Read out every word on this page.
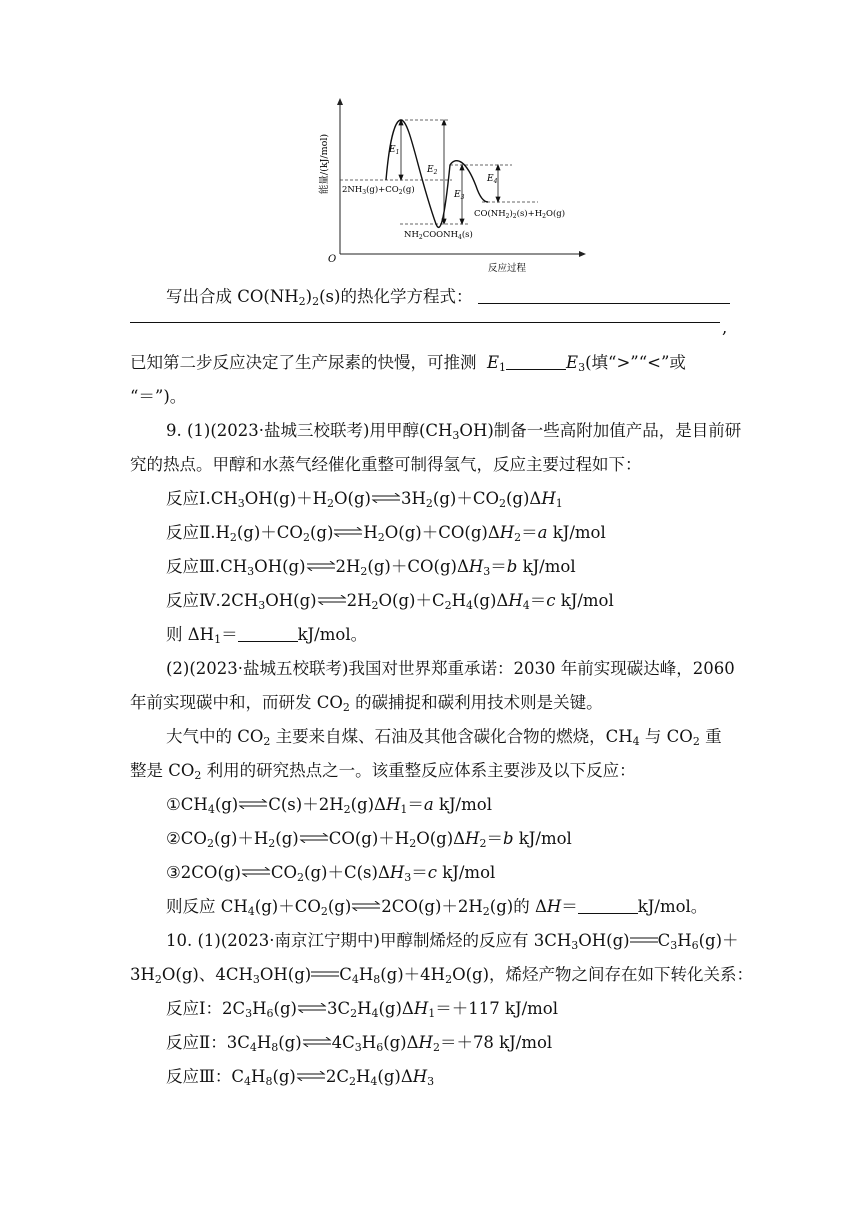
O
能量/(kJ/mol)
反应过程
$E_1$
$E_2$
$E_3$
$E_4$
$2NH_3(g)+CO_2(g)$
$NH_2COONH_4(s)$
$CO(NH_2)_2(s)+H_2O(g)$
写出合成 $CO(NH_2)_2(s)$的热化学方程式：
,
已知第二步反应决定了生产尿素的快慢，可推测 $E_1$	$E_3$(填“>”“<”或
“＝”)。
9. (1)(2023·盐城三校联考)用甲醇$(CH_3OH)$制备一些高附加值产品，是目前研
究的热点。甲醇和水蒸气经催化重整可制得氢气，反应主要过程如下：
反应$Ⅰ.CH_3OH(g)+H_2O(g)$ $3H_2(g)+CO_2(g)\Delta H_1$
反应$Ⅱ.H_2(g)+CO_2(g)$ $H_2O(g)+CO(g)\Delta H_2=a$ kJ/mol
反应$Ⅲ.CH_3OH(g)$ $2H_2(g)+CO(g)\Delta H_3=b$ kJ/mol
反应$Ⅳ.2CH_3OH(g)$ $2H_2O(g)+C_2H_4(g)\Delta H_4=c$ kJ/mol
则 $\Delta H_1=$	kJ/mol。
(2)(2023·盐城五校联考)我国对世界郑重承诺：2030 年前实现碳达峰，2060
年前实现碳中和，而研发 $CO_2$ 的碳捕捉和碳利用技术则是关键。
大气中的 $CO_2$ 主要来自煤、石油及其他含碳化合物的燃烧，$CH_4$ 与 $CO_2$ 重
整是 $CO_2$ 利用的研究热点之一。该重整反应体系主要涉及以下反应：
$①CH_4(g)$ $C(s)+2H_2(g)\Delta H_1=a$ kJ/mol
$②CO_2(g)+H_2(g)$ $CO(g)+H_2O(g)\Delta H_2=b$ kJ/mol
③2CO(g) $CO_2(g)+C(s)\Delta H_3=c$ kJ/mol
则反应 $CH_4(g)+CO_2(g)$ $2CO(g)+2H_2(g)$的 ΔH＝	kJ/mol。
10. (1)(2023·南京江宁期中)甲醇制烯烃的反应有 $3CH_3OH(g)$ $C_3H_6(g)+$
$3H_2O(g)$、$4CH_3OH(g)$ $C_4H_8(g)+4H_2O(g)$，烯烃产物之间存在如下转化关系：
反应Ⅰ：$2C_3H_6(g)$ $3C_2H_4(g)\Delta H_1=+117$ kJ/mol
反应Ⅱ：$3C_4H_8(g)$ $4C_3H_6(g)\Delta H_2=+78$ kJ/mol
反应Ⅲ：$C_4H_8(g)$ $2C_2H_4(g)\Delta H_3$
